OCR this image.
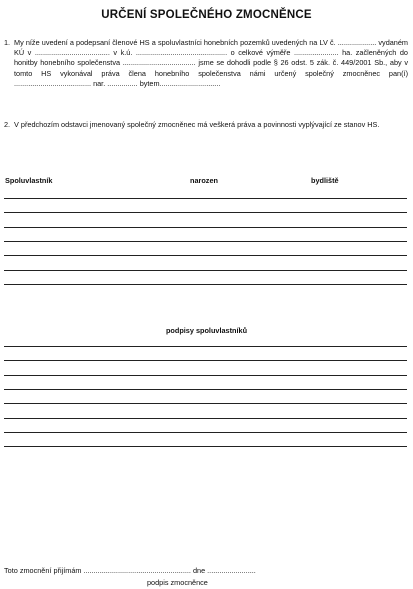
URČENÍ SPOLEČNÉHO ZMOCNĚNCE
1. My níže uvedení a podepsaní členové HS a spoluvlastníci honebních pozemků uvedených na LV č. ................... vydaném KÚ v ..................................... v k.ú. ............................................. o celkové výměře ...................... ha. začleněných do honitby honebního společenstva .................................... jsme se dohodli podle § 26 odst. 5 zák. č. 449/2001 Sb., aby v tomto HS vykonával práva člena honebního společenstva námi určený společný zmocněnec pan(í) ...................................... nar. ............... bytem..............................
2. V předchozím odstavci jmenovaný společný zmocněnec má veškerá práva a povinnosti vyplývající ze stanov HS.
Spoluvlastník	narozen	bydliště
podpisy spoluvlastníků
Toto zmocnění přijímám ..................................................... dne ........................
podpis zmocněnce
